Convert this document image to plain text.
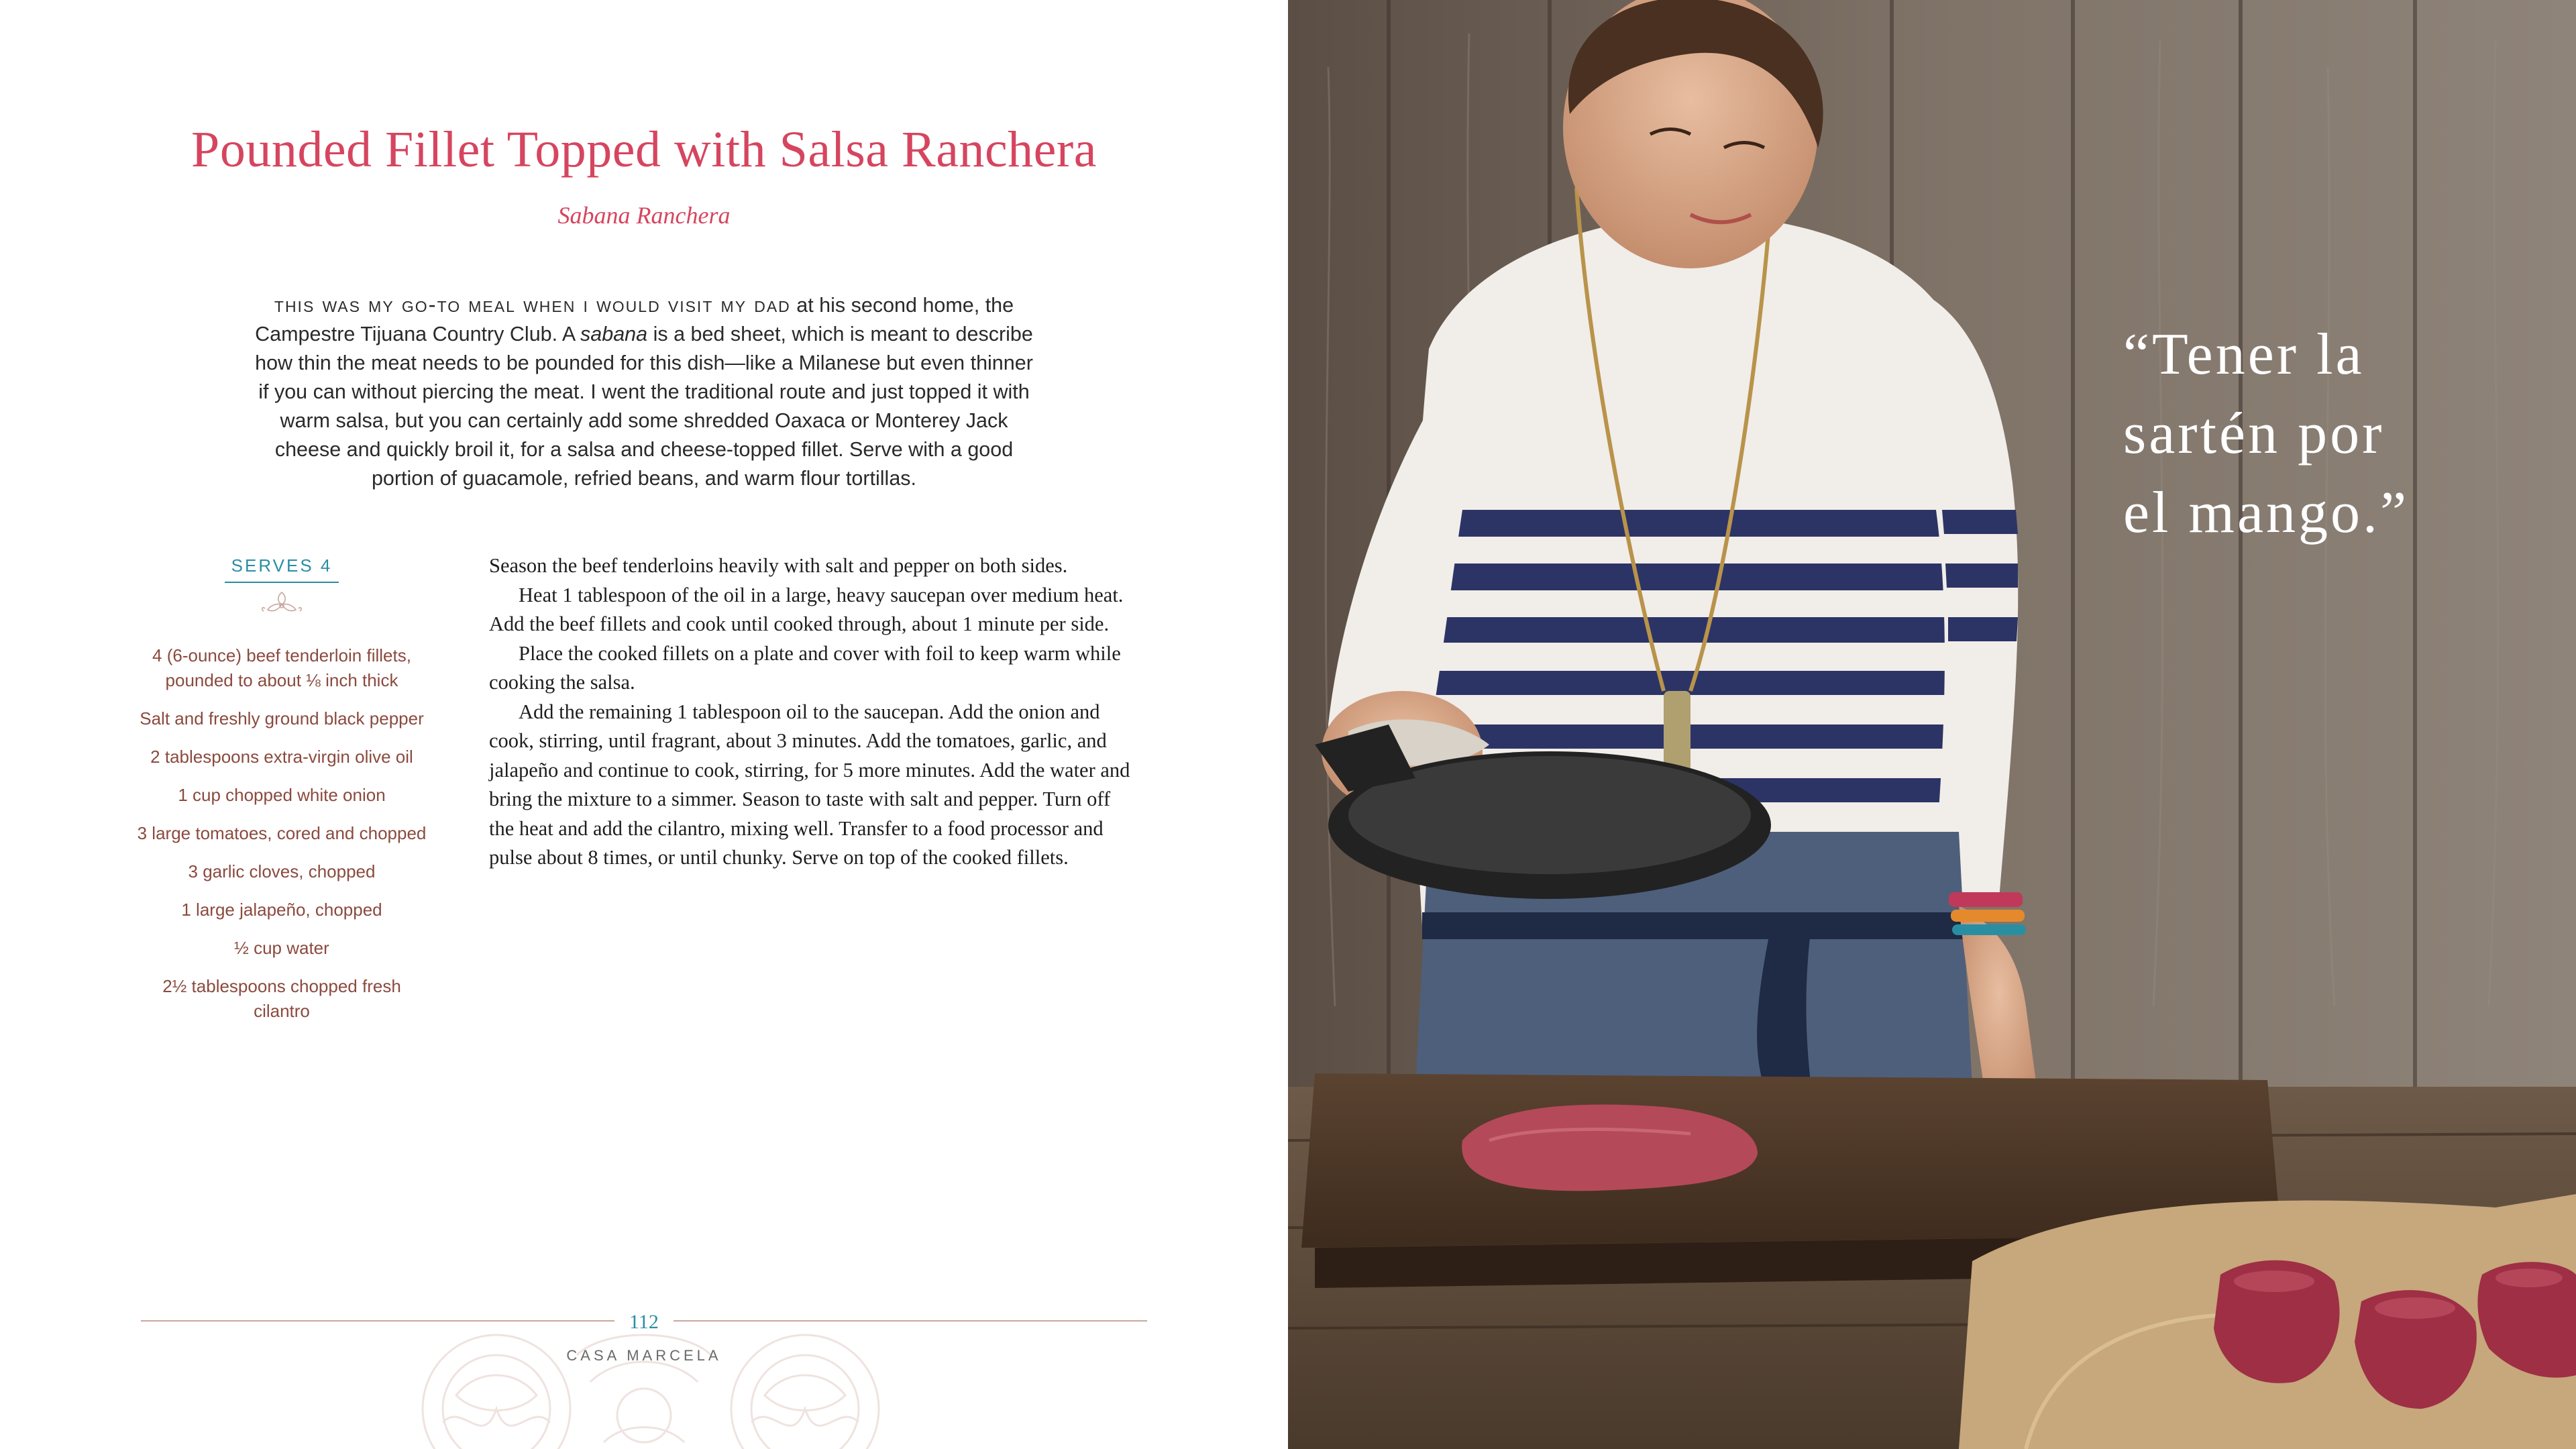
Pounded Fillet Topped with Salsa Ranchera

Sabana Ranchera

this was my go-to meal when i would visit my dad at his second home, the Campestre Tijuana Country Club. A sabana is a bed sheet, which is meant to describe how thin the meat needs to be pounded for this dish—like a Milanese but even thinner if you can without piercing the meat. I went the traditional route and just topped it with warm salsa, but you can certainly add some shredded Oaxaca or Monterey Jack cheese and quickly broil it, for a salsa and cheese-topped fillet. Serve with a good portion of guacamole, refried beans, and warm flour tortillas.

SERVES 4
4 (6-ounce) beef tenderloin fillets, pounded to about ⅛ inch thick
Salt and freshly ground black pepper
2 tablespoons extra-virgin olive oil
1 cup chopped white onion
3 large tomatoes, cored and chopped
3 garlic cloves, chopped
1 large jalapeño, chopped
½ cup water
2½ tablespoons chopped fresh cilantro

Season the beef tenderloins heavily with salt and pepper on both sides.

Heat 1 tablespoon of the oil in a large, heavy saucepan over medium heat. Add the beef fillets and cook until cooked through, about 1 minute per side.

Place the cooked fillets on a plate and cover with foil to keep warm while cooking the salsa.

Add the remaining 1 tablespoon oil to the saucepan. Add the onion and cook, stirring, until fragrant, about 3 minutes. Add the tomatoes, garlic, and jalapeño and continue to cook, stirring, for 5 more minutes. Add the water and bring the mixture to a simmer. Season to taste with salt and pepper. Turn off the heat and add the cilantro, mixing well. Transfer to a food processor and pulse about 8 times, or until chunky. Serve on top of the cooked fillets.

112
CASA MARCELA

“Tener la
sartén por
el mango.”
